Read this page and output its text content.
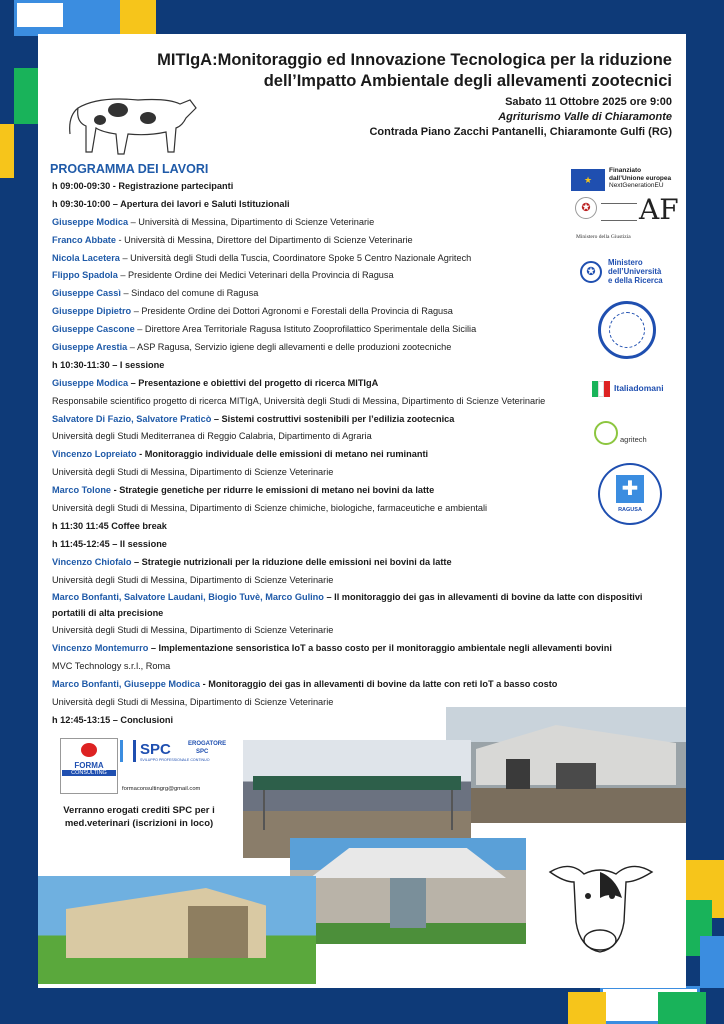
MITIgA:Monitoraggio ed Innovazione Tecnologica per la riduzione
dell’Impatto Ambientale degli allevamenti zootecnici
Sabato 11 Ottobre 2025 ore 9:00
Agriturismo Valle di Chiaramonte
Contrada Piano Zacchi Pantanelli, Chiaramonte Gulfi (RG)
PROGRAMMA DEI LAVORI
h 09:00-09:30 - Registrazione partecipanti
h 09:30-10:00 – Apertura dei lavori e Saluti Istituzionali
Giuseppe Modica – Università di Messina, Dipartimento di Scienze Veterinarie
Franco Abbate - Università di Messina, Direttore del Dipartimento di Scienze Veterinarie
Nicola Lacetera – Università degli Studi della Tuscia, Coordinatore Spoke 5 Centro Nazionale Agritech
Flippo Spadola – Presidente Ordine dei Medici Veterinari della Provincia di Ragusa
Giuseppe Cassì – Sindaco del comune di Ragusa
Giuseppe Dipietro – Presidente Ordine dei Dottori Agronomi e Forestali della Provincia di Ragusa
Giuseppe Cascone – Direttore Area Territoriale Ragusa Istituto Zooprofilattico Sperimentale della Sicilia
Giuseppe Arestia – ASP Ragusa, Servizio igiene degli allevamenti e delle produzioni zootecniche
h 10:30-11:30 – I sessione
Giuseppe Modica – Presentazione e obiettivi del progetto di ricerca MITIgA
Responsabile scientifico progetto di ricerca MITIgA, Università degli Studi di Messina, Dipartimento di Scienze Veterinarie
Salvatore Di Fazio, Salvatore Praticò – Sistemi costruttivi sostenibili per l’edilizia zootecnica
Università degli Studi Mediterranea di Reggio Calabria, Dipartimento di Agraria
Vincenzo Lopreiato - Monitoraggio individuale delle emissioni di metano nei ruminanti
Università degli Studi di Messina, Dipartimento di Scienze Veterinarie
Marco Tolone - Strategie genetiche per ridurre le emissioni di metano nei bovini da latte
Università degli Studi di Messina, Dipartimento di Scienze chimiche, biologiche, farmaceutiche e ambientali
h 11:30 11:45 Coffee break
h 11:45-12:45 – II sessione
Vincenzo Chiofalo – Strategie nutrizionali per la riduzione delle emissioni nei bovini da latte
Università degli Studi di Messina, Dipartimento di Scienze Veterinarie
Marco Bonfanti, Salvatore Laudani, Biogio Tuvè, Marco Gulino – Il monitoraggio dei gas in allevamenti di bovine da latte con dispositivi portatili di alta precisione
Università degli Studi di Messina, Dipartimento di Scienze Veterinarie
Vincenzo Montemurro – Implementazione sensoristica IoT a basso costo per il monitoraggio ambientale negli allevamenti bovini
MVC Technology s.r.l., Roma
Marco Bonfanti, Giuseppe Modica - Monitoraggio dei gas in allevamenti di bovine da latte con reti IoT a basso costo
Università degli Studi di Messina, Dipartimento di Scienze Veterinarie
h 12:45-13:15 – Conclusioni
★
Finanziato
dall’Unione europea
NextGenerationEU
✪ AF
Ministero della Giustizia
✪
Ministero
dell’Università
e della Ricerca
Italiadomani
agritech
✚
RAGUSA
FORMA
CONSULTING
SPC
SVILUPPO PROFESSIONALE CONTINUO
EROGATORE
SPC
formaconsultingrg@gmail.com
Verranno erogati crediti SPC per i
med.veterinari (iscrizioni in loco)
